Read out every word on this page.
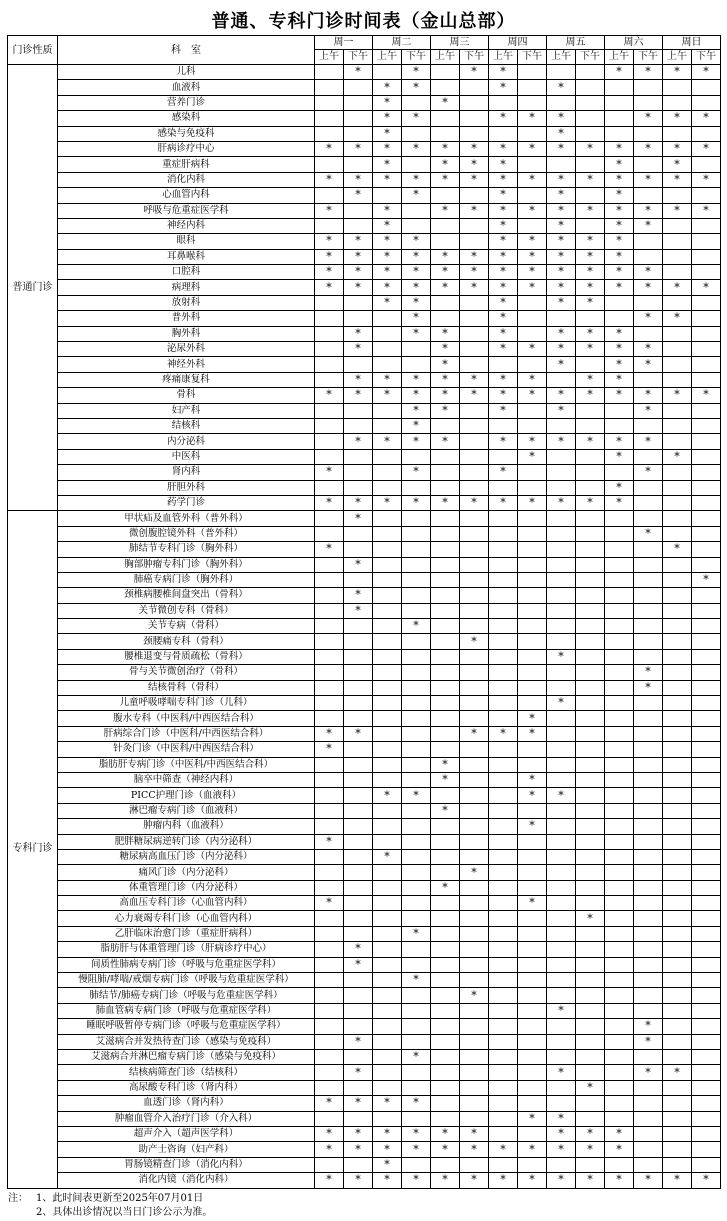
普通、专科门诊时间表（金山总部）
门诊性质	科　室	周一		周二		周三		周四		周五		周六		周日	
		上午	下午	上午	下午	上午	下午	上午	下午	上午	下午	上午	下午	上午	下午
普通门诊	儿科		*		*		*	*				*	*	*	*
	血液科			*	*			*		*					
	营养门诊			*		*									
	感染科			*	*			*	*	*			*	*	*
	感染与免疫科			*						*					
	肝病诊疗中心	*	*	*	*	*	*	*	*	*	*	*	*	*	*
	重症肝病科			*		*	*	*				*		*	
	消化内科	*	*	*	*	*	*	*	*	*	*	*	*	*	*
	心血管内科		*		*			*		*		*			
	呼吸与危重症医学科	*		*		*	*	*	*	*	*	*	*	*	*
	神经内科			*				*		*		*	*		
	眼科	*	*	*	*			*	*	*	*	*			
	耳鼻喉科	*	*	*	*	*	*	*	*	*	*	*			
	口腔科	*	*	*	*	*	*	*	*	*	*	*	*		
	病理科	*	*	*	*	*	*	*	*	*	*	*	*	*	*
	放射科			*	*			*		*	*				
	普外科				*			*					*	*	
	胸外科		*		*	*		*		*	*	*			
	泌尿外科		*			*		*	*	*	*	*	*		
	神经外科					*				*		*	*		
	疼痛康复科		*	*	*	*	*	*	*		*	*			
	骨科	*	*	*	*	*	*	*	*	*	*	*	*	*	*
	妇产科				*	*		*		*			*		
	结核科				*										
	内分泌科		*	*	*	*		*	*	*	*	*	*		
	中医科								*			*		*	
	肾内科	*			*			*					*		
	肝胆外科											*			
	药学门诊	*	*	*	*	*	*	*	*	*	*	*			
专科门诊	甲状疝及血管外科（普外科）		*												
	微创腹腔镜外科（普外科）												*		
	肺结节专科门诊（胸外科）	*												*	
	胸部肿瘤专科门诊（胸外科）		*												
	肺癌专病门诊（胸外科）														*
	颈椎病腰椎间盘突出（骨科）		*												
	关节微创专科（骨科）		*												
	关节专病（骨科）				*										
	颈腰痛专科（骨科）						*								
	腰椎退变与骨质疏松（骨科）									*					
	骨与关节微创治疗（骨科）												*		
	结核骨科（骨科）												*		
	儿童呼吸哮喘专科门诊（儿科）									*					
	腹水专科（中医科/中西医结合科）								*						
	肝病综合门诊（中医科/中西医结合科）	*	*				*	*	*						
	针灸门诊（中医科/中西医结合科）	*													
	脂肪肝专病门诊（中医科/中西医结合科）					*									
	脑卒中筛查（神经内科）					*			*						
	PICC护理门诊（血液科）			*	*				*	*					
	淋巴瘤专病门诊（血液科）					*									
	肿瘤内科（血液科）								*						
	肥胖糖尿病逆转门诊（内分泌科）	*													
	糖尿病高血压门诊（内分泌科）			*											
	痛风门诊（内分泌科）						*								
	体重管理门诊（内分泌科）					*									
	高血压专科门诊（心血管内科）	*							*						
	心力衰竭专科门诊（心血管内科）										*				
	乙肝临床治愈门诊（重症肝病科）				*										
	脂肪肝与体重管理门诊（肝病诊疗中心）		*												
	间质性肺病专病门诊（呼吸与危重症医学科）		*												
	慢阻肺/哮喘/戒烟专病门诊（呼吸与危重症医学科）				*										
	肺结节/肺癌专病门诊（呼吸与危重症医学科）						*								
	肺血管病专病门诊（呼吸与危重症医学科）									*					
	睡眠呼吸暂停专病门诊（呼吸与危重症医学科）												*		
	艾滋病合并发热待查门诊（感染与免疫科）		*										*		
	艾滋病合并淋巴瘤专病门诊（感染与免疫科）				*										
	结核病筛查门诊（结核科）		*							*			*	*	
	高尿酸专科门诊（肾内科）										*				
	血透门诊（肾内科）	*	*	*	*										
	肿瘤血管介入治疗门诊（介入科）								*	*					
	超声介入（超声医学科）	*	*	*	*	*	*			*	*	*			
	助产士咨询（妇产科）	*	*	*	*	*	*	*	*	*	*	*			
	胃肠镜精查门诊（消化内科）			*											
	消化内镜（消化内科）	*	*	*	*	*	*	*	*	*	*	*	*	*	*
注： 1、此时间表更新至2025年07月01日
2、具体出诊情况以当日门诊公示为准。
